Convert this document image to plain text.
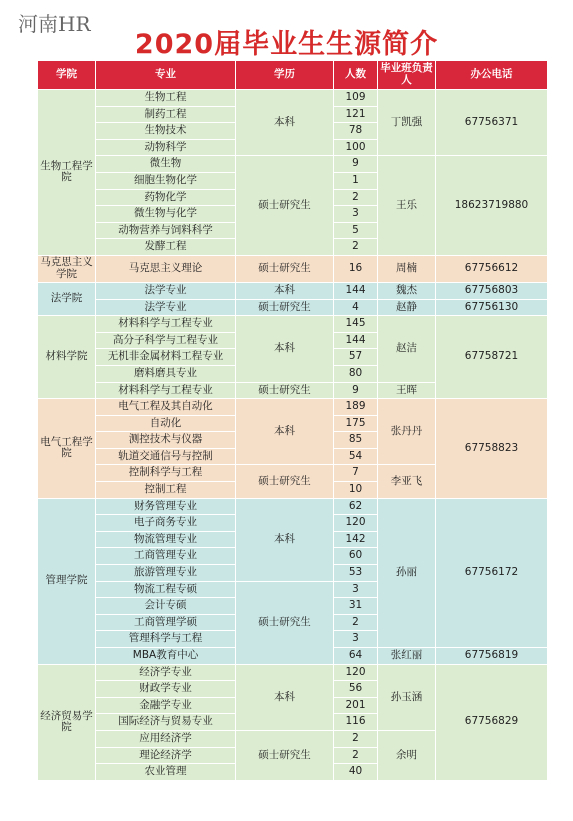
河南HR
2020届毕业生生源简介
学院	专业	学历	人数	毕业班负责人	办公电话
生物工程学院	生物工程	本科	109	丁凯强	67756371
	制药工程		121		
	生物技术		78		
	动物科学		100		
	微生物	硕士研究生	9	王乐	18623719880
	细胞生物化学		1		
	药物化学		2		
	微生物与化学		3		
	动物营养与饲料科学		5		
	发酵工程		2		
马克思主义学院	马克思主义理论	硕士研究生	16	周楠	67756612
法学院	法学专业	本科	144	魏杰	67756803
	法学专业	硕士研究生	4	赵静	67756130
材料学院	材料科学与工程专业	本科	145	赵洁	67758721
	高分子科学与工程专业		144		
	无机非金属材料工程专业		57		
	磨料磨具专业		80		
	材料科学与工程专业	硕士研究生	9	王晖	
电气工程学院	电气工程及其自动化	本科	189	张丹丹	67758823
	自动化		175		
	测控技术与仪器		85		
	轨道交通信号与控制		54		
	控制科学与工程	硕士研究生	7	李亚飞	
	控制工程		10		
管理学院	财务管理专业	本科	62	孙丽	67756172
	电子商务专业		120		
	物流管理专业		142		
	工商管理专业		60		
	旅游管理专业		53		
	物流工程专硕	硕士研究生	3		
	会计专硕		31		
	工商管理学硕		2		
	管理科学与工程		3		
	MBA教育中心		64	张红丽	67756819
经济贸易学院	经济学专业	本科	120	孙玉涵	67756829
	财政学专业		56		
	金融学专业		201		
	国际经济与贸易专业		116		
	应用经济学	硕士研究生	2	余明	
	理论经济学		2		
	农业管理		40		
